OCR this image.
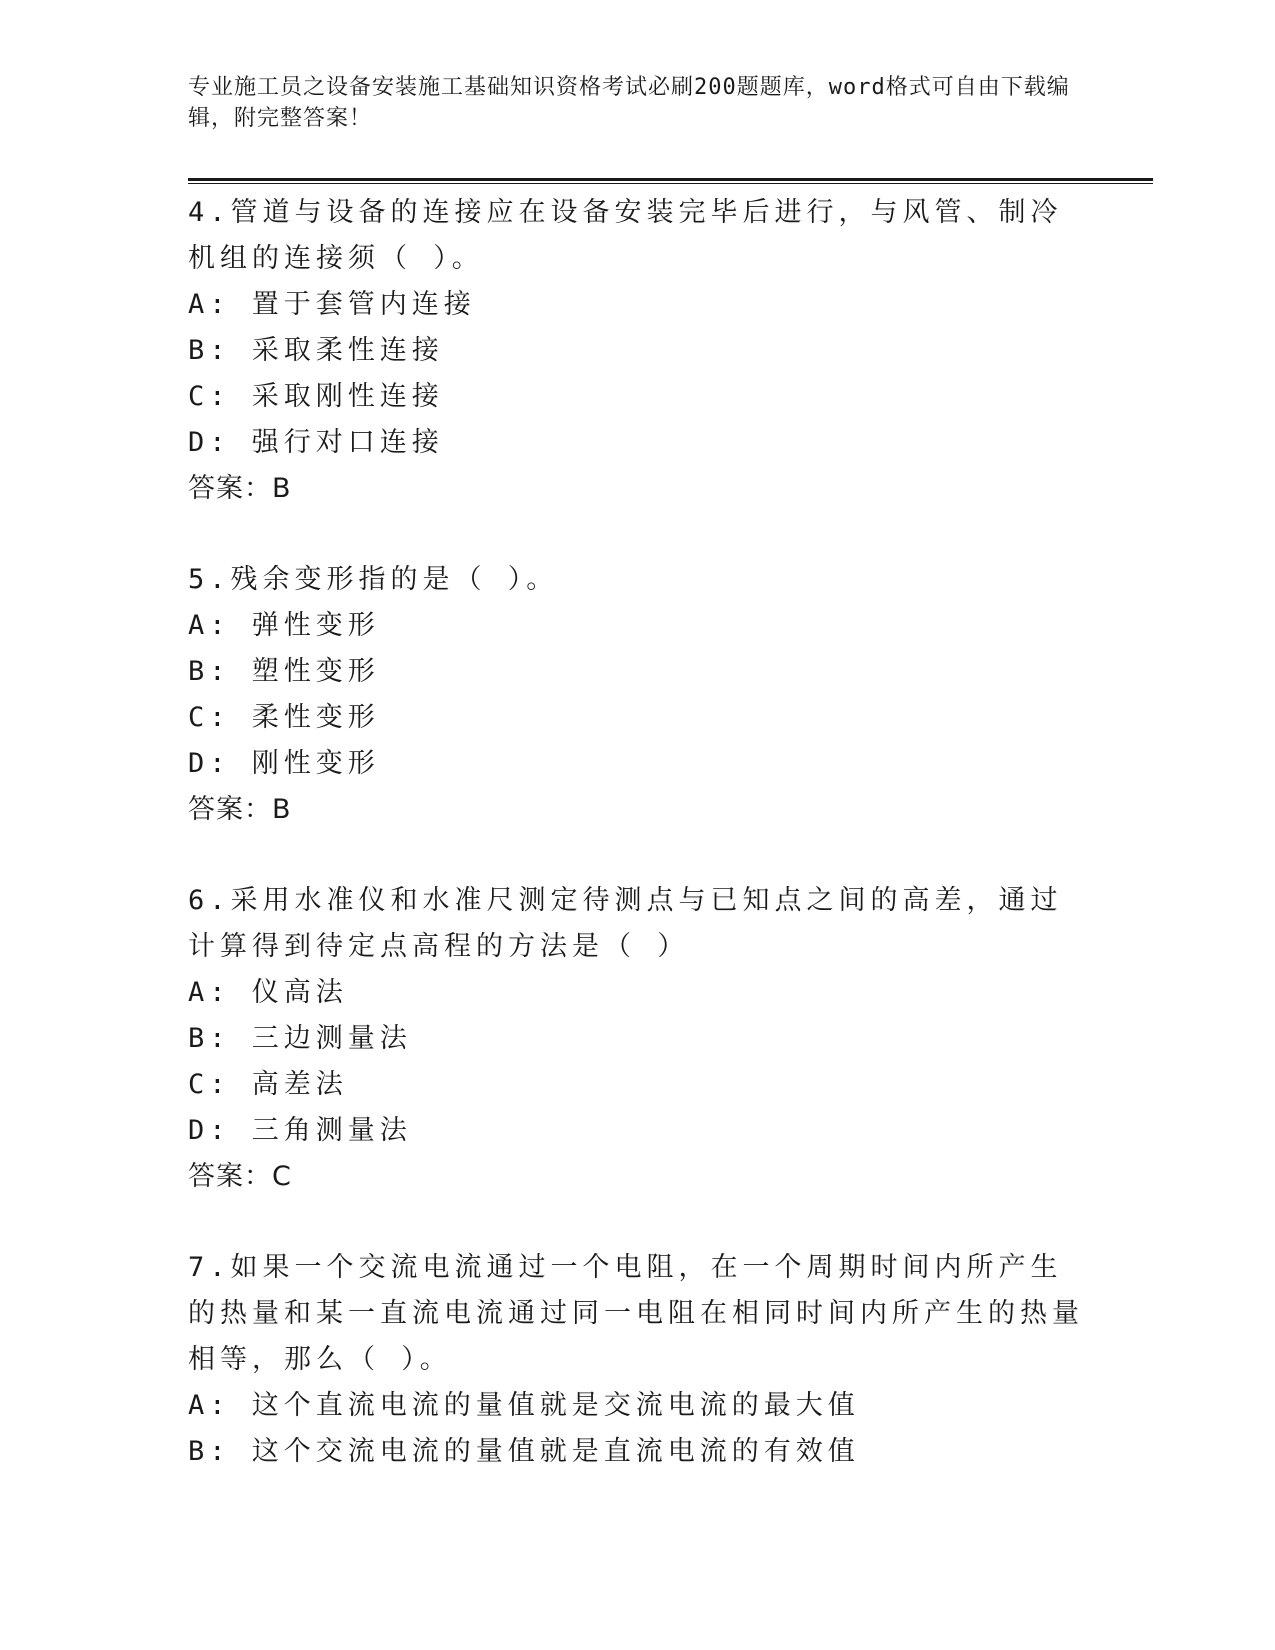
专业施工员之设备安装施工基础知识资格考试必刷200题题库，word格式可自由下载编辑，附完整答案！
4.管道与设备的连接应在设备安装完毕后进行，与风管、制冷机组的连接须（ ）。
A: 置于套管内连接
B: 采取柔性连接
C: 采取刚性连接
D: 强行对口连接
答案：B
5.残余变形指的是（ ）。
A: 弹性变形
B: 塑性变形
C: 柔性变形
D: 刚性变形
答案：B
6.采用水准仪和水准尺测定待测点与已知点之间的高差，通过计算得到待定点高程的方法是（ ）
A: 仪高法
B: 三边测量法
C: 高差法
D: 三角测量法
答案：C
7.如果一个交流电流通过一个电阻，在一个周期时间内所产生的热量和某一直流电流通过同一电阻在相同时间内所产生的热量相等，那么（ ）。
A: 这个直流电流的量值就是交流电流的最大值
B: 这个交流电流的量值就是直流电流的有效值
